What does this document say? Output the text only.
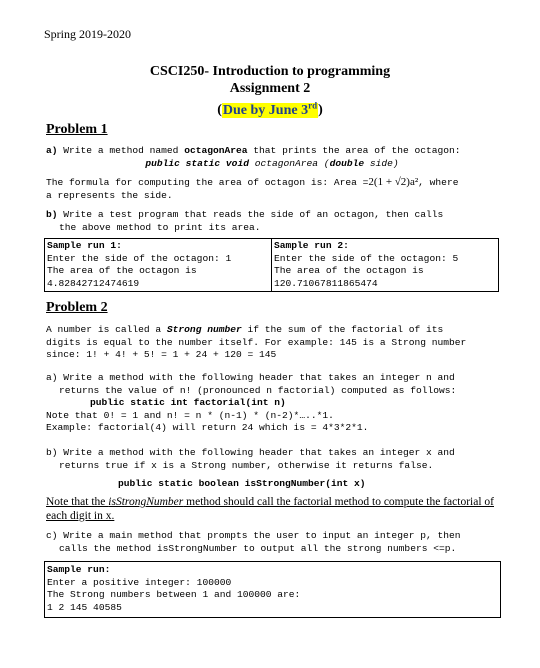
Spring 2019-2020
CSCI250- Introduction to programming
Assignment 2
(Due by June 3rd)
Problem 1
a) Write a method named octagonArea that prints the area of the octagon:
public static void octagonArea (double side)
The formula for computing the area of octagon is: Area =2(1 + √2)a², where
a represents the side.
b) Write a test program that reads the side of an octagon, then calls
the above method to print its area.
Sample run 1:
Enter the side of the octagon: 1
The area of the octagon is
4.82842712474619

Sample run 2:
Enter the side of the octagon: 5
The area of the octagon is
120.71067811865474
Problem 2
A number is called a Strong number if the sum of the factorial of its
digits is equal to the number itself. For example: 145 is a Strong number
since: 1! + 4! + 5! = 1 + 24 + 120 = 145
a) Write a method with the following header that takes an integer n and
returns the value of n! (pronounced n factorial) computed as follows:
public static int factorial(int n)
Note that 0! = 1 and n! = n * (n-1) * (n-2)*…..*1.
Example: factorial(4) will return 24 which is = 4*3*2*1.
b) Write a method with the following header that takes an integer x and
returns true if x is a Strong number, otherwise it returns false.
public static boolean isStrongNumber(int x)
Note that the isStrongNumber method should call the factorial method to compute the factorial of
each digit in x.
c) Write a main method that prompts the user to input an integer p, then
calls the method isStrongNumber to output all the strong numbers <=p.
Sample run:
Enter a positive integer: 100000
The Strong numbers between 1 and 100000 are:
1 2 145 40585
